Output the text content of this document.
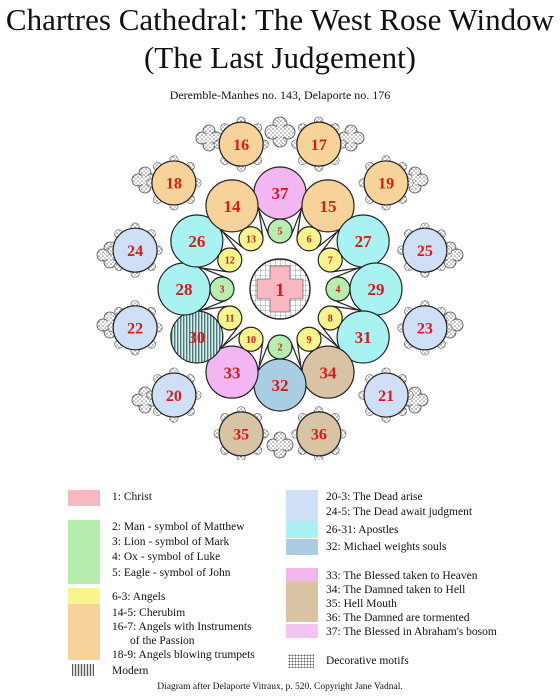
Chartres Cathedral: The West Rose Window
(The Last Judgement)
Deremble-Manhes no. 143, Delaporte no. 176
37
15
27
29
31
34
32
33
30
28
26
14
5
6
7
4
8
9
2
10
11
3
12
13
16	17
19
25
23
21
36
35
20
22
24
18
1
1: Christ
2: Man - symbol of Matthew
3: Lion - symbol of Mark
4: Ox - symbol of Luke
5: Eagle - symbol of John
6-3: Angels
14-5: Cherubim
16-7: Angels with Instruments
of the Passion
18-9: Angels blowing trumpets
Modern
20-3: The Dead arise
24-5: The Dead await judgment
26-31: Apostles
32: Michael weights souls
33: The Blessed taken to Heaven
34: The Damned taken to Hell
35: Hell Mouth
36: The Damned are tormented
37: The Blessed in Abraham's bosom
Decorative motifs
Diagram after Delaporte Vitraux, p. 520. Copyright Jane Vadnal.
